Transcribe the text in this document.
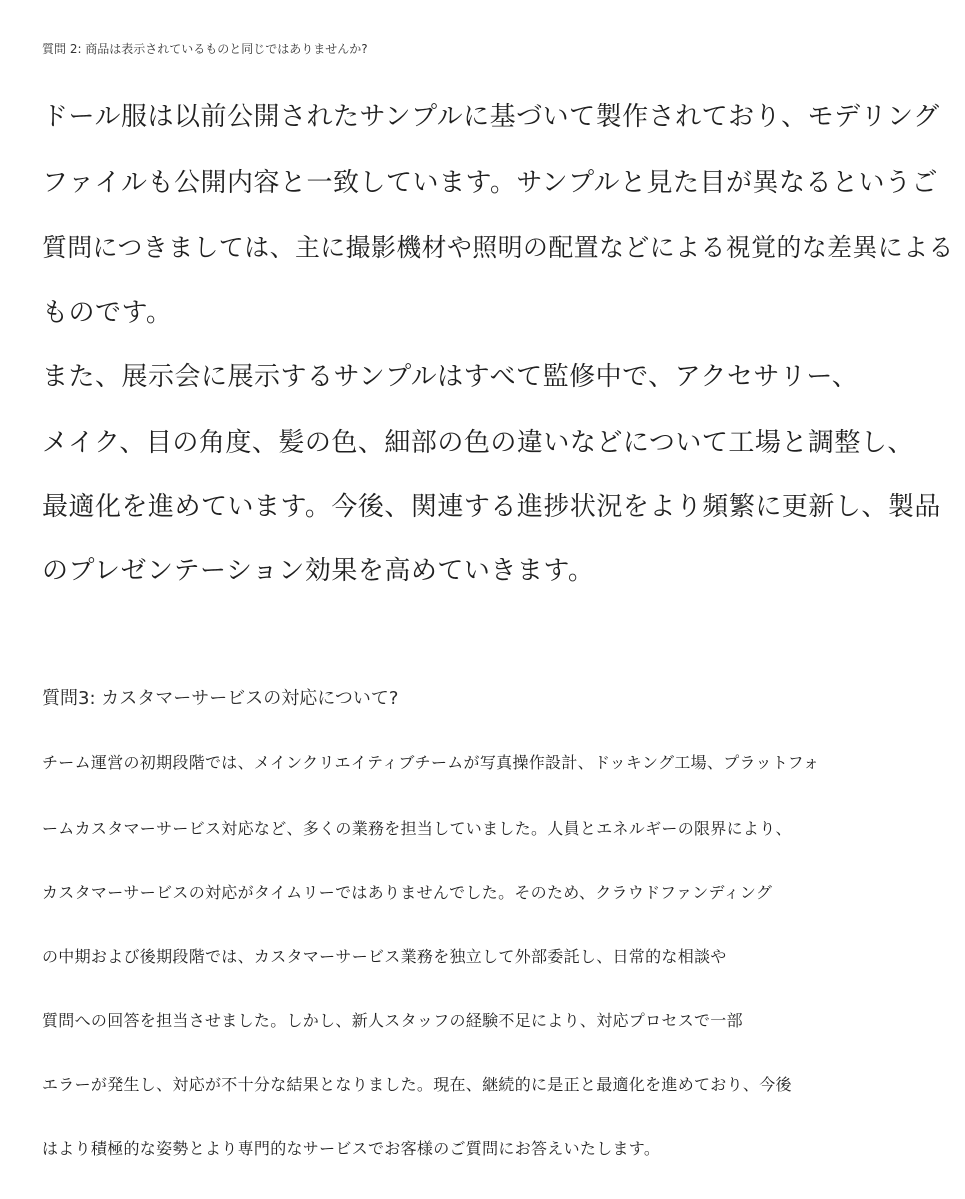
質問 2: 商品は表示されているものと同じではありませんか?
ドール服は以前公開されたサンプルに基づいて製作されており、モデリング
ファイルも公開内容と一致しています。サンプルと見た目が異なるというご
質問につきましては、主に撮影機材や照明の配置などによる視覚的な差異による
ものです。
また、展示会に展示するサンプルはすべて監修中で、アクセサリー、
メイク、目の角度、髪の色、細部の色の違いなどについて工場と調整し、
最適化を進めています。今後、関連する進捗状況をより頻繁に更新し、製品
のプレゼンテーション効果を高めていきます。
質問3: カスタマーサービスの対応について?
チーム運営の初期段階では、メインクリエイティブチームが写真操作設計、ドッキング工場、プラットフォ
ームカスタマーサービス対応など、多くの業務を担当していました。人員とエネルギーの限界により、
カスタマーサービスの対応がタイムリーではありませんでした。そのため、クラウドファンディング
の中期および後期段階では、カスタマーサービス業務を独立して外部委託し、日常的な相談や
質問への回答を担当させました。しかし、新人スタッフの経験不足により、対応プロセスで一部
エラーが発生し、対応が不十分な結果となりました。現在、継続的に是正と最適化を進めており、今後
はより積極的な姿勢とより専門的なサービスでお客様のご質問にお答えいたします。
